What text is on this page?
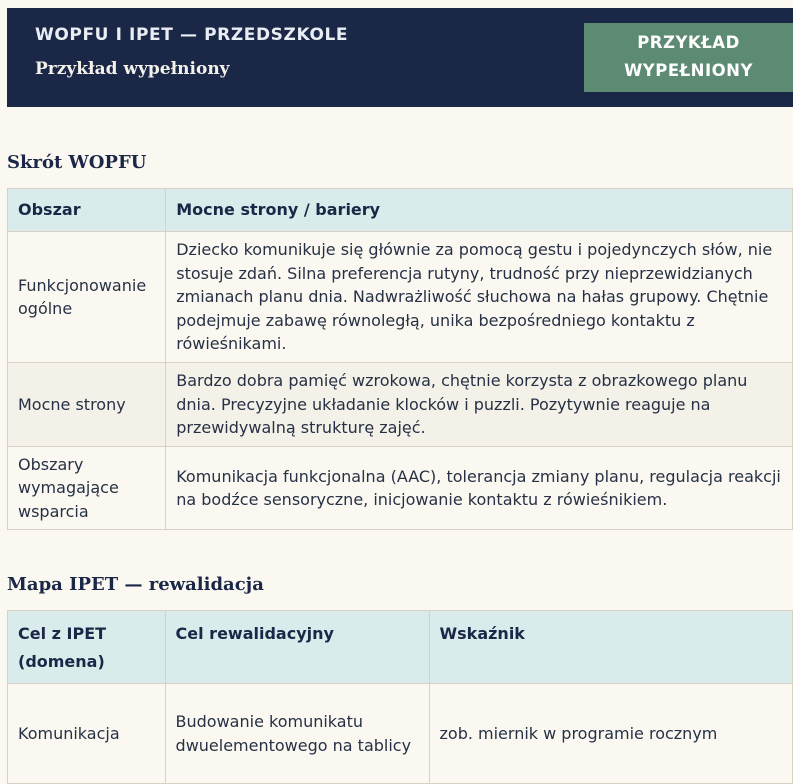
WOPFU I IPET — PRZEDSZKOLE
Przykład wypełniony
PRZYKŁAD
WYPEŁNIONY
Skrót WOPFU
Obszar	Mocne strony / bariery

Funkcjonowanie
ogólne	Dziecko komunikuje się głównie za pomocą gestu i pojedynczych słów, nie
stosuje zdań. Silna preferencja rutyny, trudność przy nieprzewidzianych
zmianach planu dnia. Nadwrażliwość słuchowa na hałas grupowy. Chętnie
podejmuje zabawę równoległą, unika bezpośredniego kontaktu z
rówieśnikami.

Mocne strony	Bardzo dobra pamięć wzrokowa, chętnie korzysta z obrazkowego planu
dnia. Precyzyjne układanie klocków i puzzli. Pozytywnie reaguje na
przewidywalną strukturę zajęć.

Obszary
wymagające
wsparcia	Komunikacja funkcjonalna (AAC), tolerancja zmiany planu, regulacja reakcji
na bodźce sensoryczne, inicjowanie kontaktu z rówieśnikiem.
Mapa IPET — rewalidacja
Cel z IPET
(domena)	Cel rewalidacyjny	Wskaźnik
Komunikacja	Budowanie komunikatu
dwuelementowego na tablicy	zob. miernik w programie rocznym
